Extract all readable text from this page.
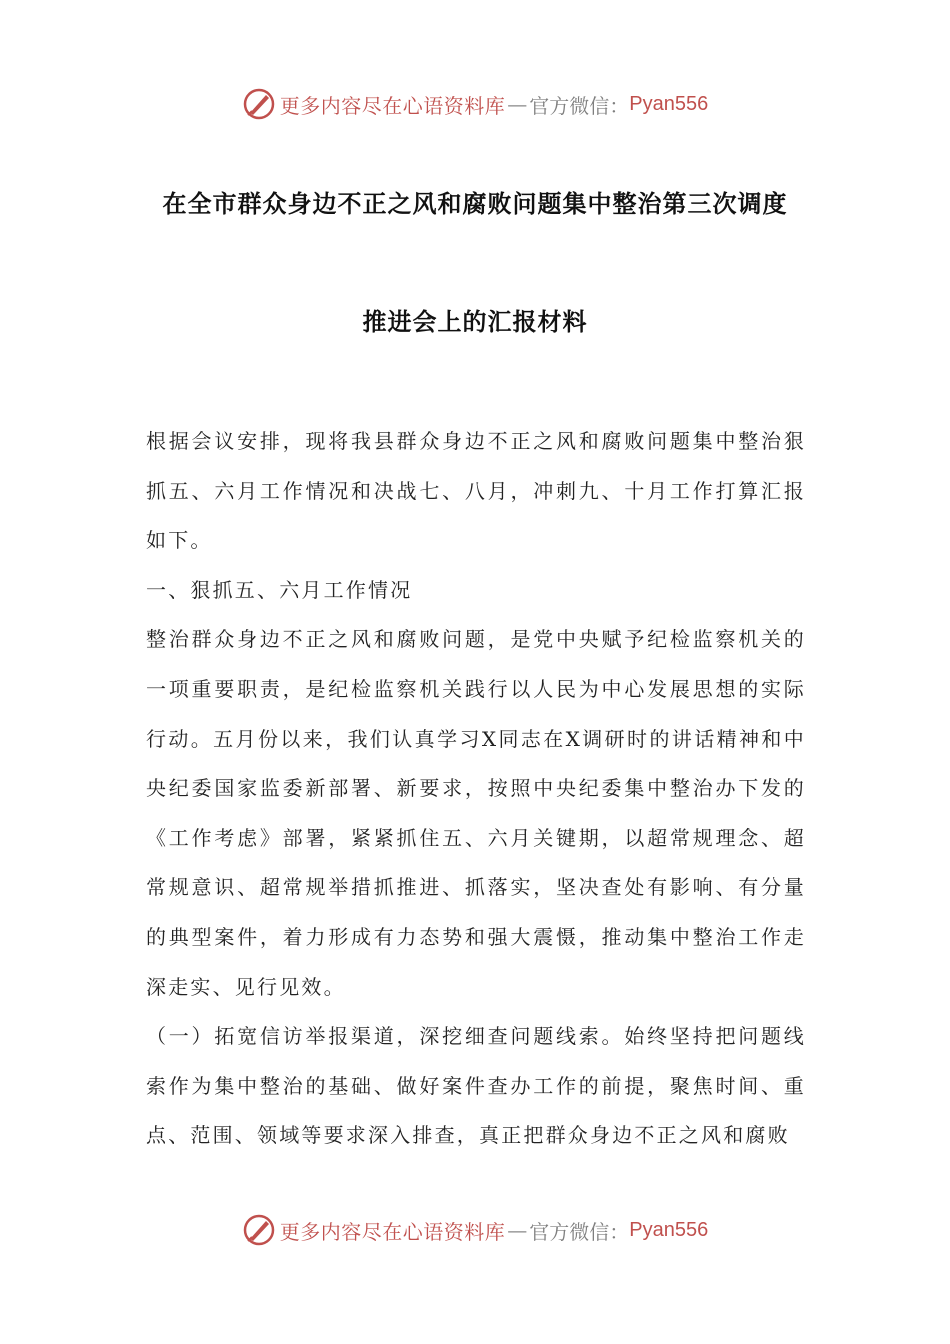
更多内容尽在心语资料库 — 官方微信： Pyan556
在全市群众身边不正之风和腐败问题集中整治第三次调度
推进会上的汇报材料

根据会议安排，现将我县群众身边不正之风和腐败问题集中整治狠抓五、六月工作情况和决战七、八月，冲刺九、十月工作打算汇报如下。

一、狠抓五、六月工作情况

整治群众身边不正之风和腐败问题，是党中央赋予纪检监察机关的一项重要职责，是纪检监察机关践行以人民为中心发展思想的实际行动。五月份以来，我们认真学习X同志在X调研时的讲话精神和中央纪委国家监委新部署、新要求，按照中央纪委集中整治办下发的《工作考虑》部署，紧紧抓住五、六月关键期，以超常规理念、超常规意识、超常规举措抓推进、抓落实，坚决查处有影响、有分量的典型案件，着力形成有力态势和强大震慑，推动集中整治工作走深走实、见行见效。

（一）拓宽信访举报渠道，深挖细查问题线索。始终坚持把问题线索作为集中整治的基础、做好案件查办工作的前提，聚焦时间、重点、范围、领域等要求深入排查，真正把群众身边不正之风和腐败

更多内容尽在心语资料库 — 官方微信： Pyan556
